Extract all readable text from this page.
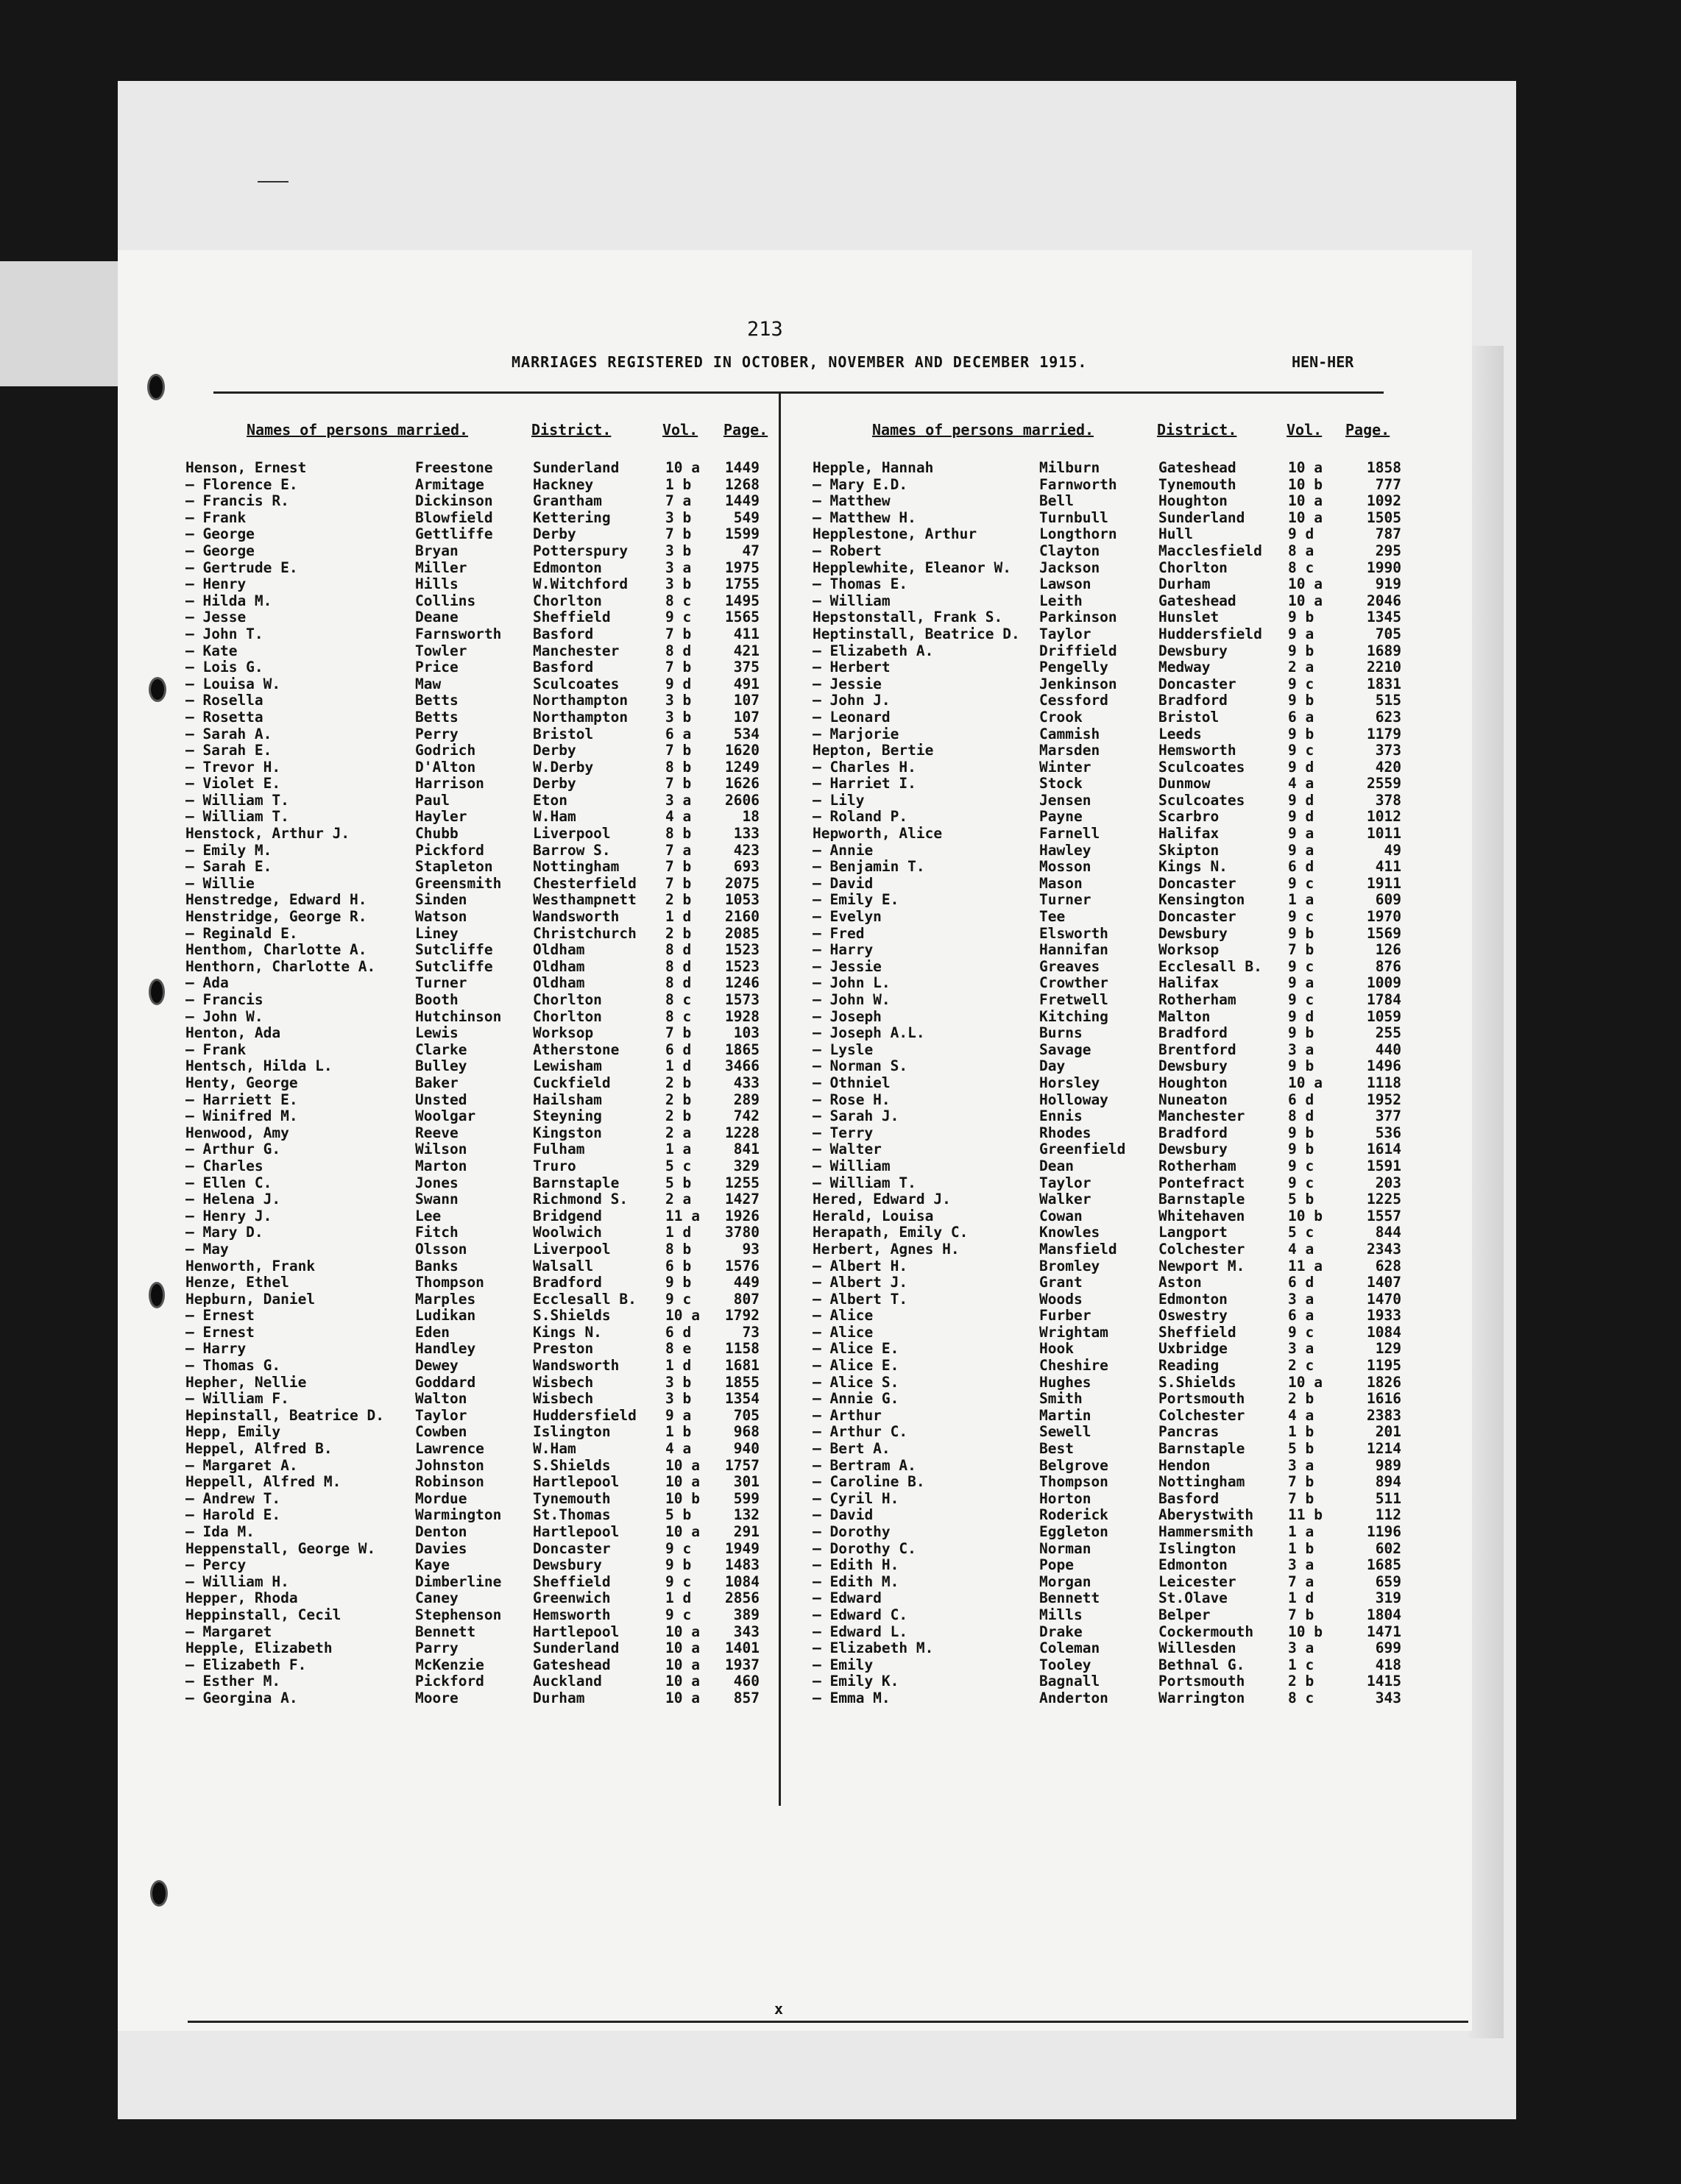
213
MARRIAGES REGISTERED IN OCTOBER, NOVEMBER AND DECEMBER 1915.	HEN-HER
Names of persons married.	District.	Vol. Page.	Names of persons married.	District.	Vol. Page.
Henson, Ernest	Freestone	Sunderland	10 a 1449
— Florence E.	Armitage	Hackney	1 b 1268
— Francis R.	Dickinson	Grantham	7 a 1449
— Frank	Blowfield	Kettering	3 b	549
— George	Gettliffe	Derby	7 b 1599
— George	Bryan	Potterspury	3 b	47
— Gertrude E.	Miller	Edmonton	3 a 1975
— Henry	Hills	W.Witchford	3 b 1755
— Hilda M.	Collins	Chorlton	8 c 1495
— Jesse	Deane	Sheffield	9 c 1565
— John T.	Farnsworth Basford	7 b	411
— Kate	Towler	Manchester	8 d	421
— Lois G.	Price	Basford	7 b	375
— Louisa W.	Maw	Sculcoates	9 d	491
— Rosella	Betts	Northampton	3 b	107
— Rosetta	Betts	Northampton	3 b	107
— Sarah A.	Perry	Bristol	6 a	534
— Sarah E.	Godrich	Derby	7 b 1620
— Trevor H.	D'Alton	W.Derby	8 b 1249
— Violet E.	Harrison	Derby	7 b 1626
— William T.	Paul	Eton	3 a 2606
— William T.	Hayler	W.Ham	4 a	18
Henstock, Arthur J.	Chubb	Liverpool	8 b	133
— Emily M.	Pickford	Barrow S.	7 a	423
— Sarah E.	Stapleton	Nottingham	7 b	693
— Willie	Greensmith Chesterfield 7 b 2075
Henstredge, Edward H.	Sinden	Westhampnett 2 b 1053
Henstridge, George R.	Watson	Wandsworth	1 d 2160
— Reginald E.	Liney	Christchurch 2 b 2085
Henthom, Charlotte A.	Sutcliffe	Oldham	8 d 1523
Henthorn, Charlotte A.	Sutcliffe	Oldham	8 d 1523
— Ada	Turner	Oldham	8 d 1246
— Francis	Booth	Chorlton	8 c 1573
— John W.	Hutchinson Chorlton	8 c 1928
Henton, Ada	Lewis	Worksop	7 b	103
— Frank	Clarke	Atherstone	6 d 1865
Hentsch, Hilda L.	Bulley	Lewisham	1 d 3466
Henty, George	Baker	Cuckfield	2 b	433
— Harriett E.	Unsted	Hailsham	2 b	289
— Winifred M.	Woolgar	Steyning	2 b	742
Henwood, Amy	Reeve	Kingston	2 a 1228
— Arthur G.	Wilson	Fulham	1 a	841
— Charles	Marton	Truro	5 c	329
— Ellen C.	Jones	Barnstaple	5 b 1255
— Helena J.	Swann	Richmond S.	2 a 1427
— Henry J.	Lee	Bridgend	11 a 1926
— Mary D.	Fitch	Woolwich	1 d 3780
— May	Olsson	Liverpool	8 b	93
Henworth, Frank	Banks	Walsall	6 b 1576
Henze, Ethel	Thompson	Bradford	9 b	449
Hepburn, Daniel	Marples	Ecclesall B. 9 c	807
— Ernest	Ludikan	S.Shields	10 a 1792
— Ernest	Eden	Kings N.	6 d	73
— Harry	Handley	Preston	8 e 1158
— Thomas G.	Dewey	Wandsworth	1 d 1681
Hepher, Nellie	Goddard	Wisbech	3 b 1855
— William F.	Walton	Wisbech	3 b 1354
Hepinstall, Beatrice D. Taylor	Huddersfield 9 a	705
Hepp, Emily	Cowben	Islington	1 b	968
Heppel, Alfred B.	Lawrence	W.Ham	4 a	940
— Margaret A.	Johnston	S.Shields	10 a 1757
Heppell, Alfred M.	Robinson	Hartlepool	10 a 301
— Andrew T.	Mordue	Tynemouth	10 b 599
— Harold E.	Warmington St.Thomas	5 b	132
— Ida M.	Denton	Hartlepool	10 a 291
Heppenstall, George W.	Davies	Doncaster	9 c 1949
— Percy	Kaye	Dewsbury	9 b 1483
— William H.	Dimberline Sheffield	9 c 1084
Hepper, Rhoda	Caney	Greenwich	1 d 2856
Heppinstall, Cecil	Stephenson Hemsworth	9 c	389
— Margaret	Bennett	Hartlepool	10 a 343
Hepple, Elizabeth	Parry	Sunderland	10 a 1401
— Elizabeth F.	McKenzie	Gateshead	10 a 1937
— Esther M.	Pickford	Auckland	10 a 460
— Georgina A.	Moore	Durham	10 a 857
Hepple, Hannah	Milburn	Gateshead	10 a	1858
— Mary E.D.	Farnworth	Tynemouth	10 b	777
— Matthew	Bell	Houghton	10 a	1092
— Matthew H.	Turnbull	Sunderland	10 a	1505
Hepplestone, Arthur	Longthorn	Hull	9 d	787
— Robert	Clayton	Macclesfield 8 a	295
Hepplewhite, Eleanor W. Jackson	Chorlton	8 c	1990
— Thomas E.	Lawson	Durham	10 a	919
— William	Leith	Gateshead	10 a	2046
Hepstonstall, Frank S.	Parkinson	Hunslet	9 b	1345
Heptinstall, Beatrice D. Taylor	Huddersfield 9 a	705
— Elizabeth A.	Driffield	Dewsbury	9 b	1689
— Herbert	Pengelly	Medway	2 a	2210
— Jessie	Jenkinson	Doncaster	9 c	1831
— John J.	Cessford	Bradford	9 b	515
— Leonard	Crook	Bristol	6 a	623
— Marjorie	Cammish	Leeds	9 b	1179
Hepton, Bertie	Marsden	Hemsworth	9 c	373
— Charles H.	Winter	Sculcoates	9 d	420
— Harriet I.	Stock	Dunmow	4 a	2559
— Lily	Jensen	Sculcoates	9 d	378
— Roland P.	Payne	Scarbro	9 d	1012
Hepworth, Alice	Farnell	Halifax	9 a	1011
— Annie	Hawley	Skipton	9 a	49
— Benjamin T.	Mosson	Kings N.	6 d	411
— David	Mason	Doncaster	9 c	1911
— Emily E.	Turner	Kensington	1 a	609
— Evelyn	Tee	Doncaster	9 c	1970
— Fred	Elsworth	Dewsbury	9 b	1569
— Harry	Hannifan	Worksop	7 b	126
— Jessie	Greaves	Ecclesall B. 9 c	876
— John L.	Crowther	Halifax	9 a	1009
— John W.	Fretwell	Rotherham	9 c	1784
— Joseph	Kitching	Malton	9 d	1059
— Joseph A.L.	Burns	Bradford	9 b	255
— Lysle	Savage	Brentford	3 a	440
— Norman S.	Day	Dewsbury	9 b	1496
— Othniel	Horsley	Houghton	10 a	1118
— Rose H.	Holloway	Nuneaton	6 d	1952
— Sarah J.	Ennis	Manchester	8 d	377
— Terry	Rhodes	Bradford	9 b	536
— Walter	Greenfield Dewsbury	9 b	1614
— William	Dean	Rotherham	9 c	1591
— William T.	Taylor	Pontefract	9 c	203
Hered, Edward J.	Walker	Barnstaple	5 b	1225
Herald, Louisa	Cowan	Whitehaven	10 b	1557
Herapath, Emily C.	Knowles	Langport	5 c	844
Herbert, Agnes H.	Mansfield	Colchester	4 a	2343
— Albert H.	Bromley	Newport M.	11 a	628
— Albert J.	Grant	Aston	6 d	1407
— Albert T.	Woods	Edmonton	3 a	1470
— Alice	Furber	Oswestry	6 a	1933
— Alice	Wrightam	Sheffield	9 c	1084
— Alice E.	Hook	Uxbridge	3 a	129
— Alice E.	Cheshire	Reading	2 c	1195
— Alice S.	Hughes	S.Shields	10 a	1826
— Annie G.	Smith	Portsmouth	2 b	1616
— Arthur	Martin	Colchester	4 a	2383
— Arthur C.	Sewell	Pancras	1 b	201
— Bert A.	Best	Barnstaple	5 b	1214
— Bertram A.	Belgrove	Hendon	3 a	989
— Caroline B.	Thompson	Nottingham	7 b	894
— Cyril H.	Horton	Basford	7 b	511
— David	Roderick	Aberystwith 11 b	112
— Dorothy	Eggleton	Hammersmith 1 a	1196
— Dorothy C.	Norman	Islington	1 b	602
— Edith H.	Pope	Edmonton	3 a	1685
— Edith M.	Morgan	Leicester	7 a	659
— Edward	Bennett	St.Olave	1 d	319
— Edward C.	Mills	Belper	7 b	1804
— Edward L.	Drake	Cockermouth 10 b	1471
— Elizabeth M.	Coleman	Willesden	3 a	699
— Emily	Tooley	Bethnal G.	1 c	418
— Emily K.	Bagnall	Portsmouth	2 b	1415
— Emma M.	Anderton	Warrington	8 c	343
x
